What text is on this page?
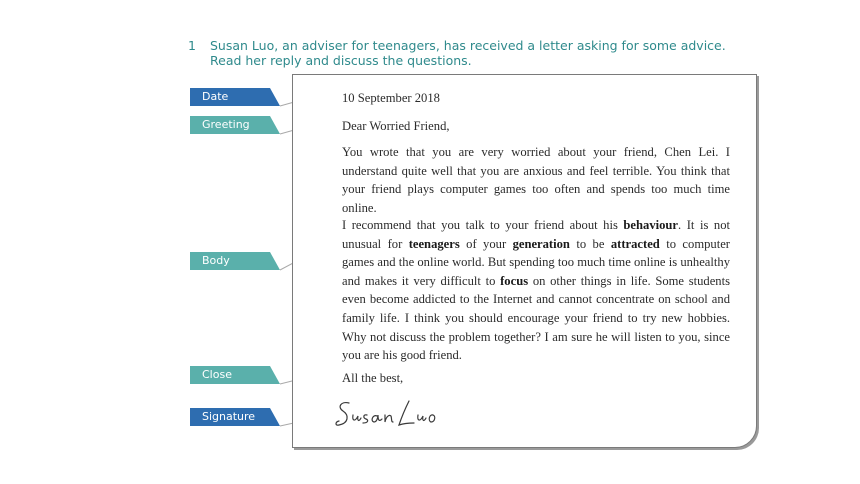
1 Susan Luo, an adviser for teenagers, has received a letter asking for some advice. Read her reply and discuss the questions.
Date
Greeting
Body
Close
Signature
10 September 2018
Dear Worried Friend,
You wrote that you are very worried about your friend, Chen Lei. I understand quite well that you are anxious and feel terrible. You think that your friend plays computer games too often and spends too much time online.
I recommend that you talk to your friend about his behaviour. It is not unusual for teenagers of your generation to be attracted to computer games and the online world. But spending too much time online is unhealthy and makes it very difficult to focus on other things in life. Some students even become addicted to the Internet and cannot concentrate on school and family life. I think you should encourage your friend to try new hobbies. Why not discuss the problem together? I am sure he will listen to you, since you are his good friend.
All the best,
